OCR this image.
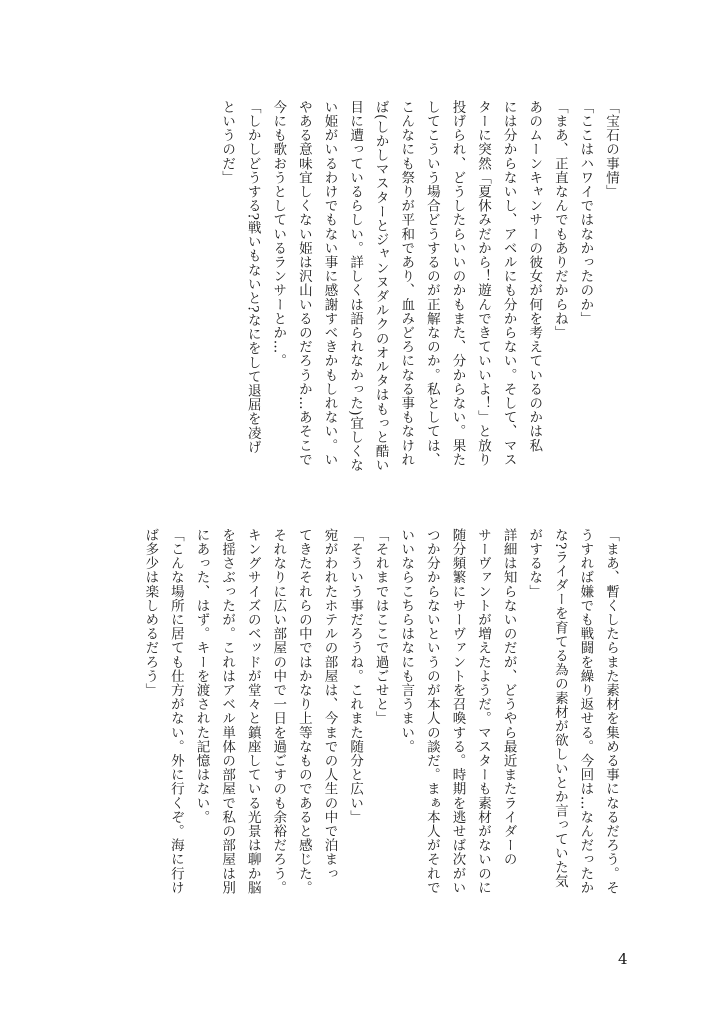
「宝石の事情」
「ここはハワイではなかったのか」
「まあ、正直なんでもありだからね」
あのムーンキャンサーの彼女が何を考えているのかは私
には分からないし、アベルにも分からない。そして、マス
ターに突然「夏休みだから！遊んできていいよ！」と放り
投げられ、どうしたらいいのかもまた、分からない。果た
してこういう場合どうするのが正解なのか。私としては、
こんなにも祭りが平和であり、血みどろになる事もなけれ
ば(しかしマスターとジャンヌダルクのオルタはもっと酷い
目に遭っているらしい。詳しくは語られなかった)宜しくな
い姫がいるわけでもない事に感謝すべきかもしれない。い
やある意味宜しくない姫は沢山いるのだろうか…あそこで
今にも歌おうとしているランサーとか…。
「しかしどうする?戦いもないと?なにをして退屈を凌げ
というのだ」
「まあ、暫くしたらまた素材を集める事になるだろう。そ
うすれば嫌でも戦闘を繰り返せる。今回は…なんだったか
な?ライダーを育てる為の素材が欲しいとか言っていた気
がするな」
詳細は知らないのだが、どうやら最近またライダーの
サーヴァントが増えたようだ。マスターも素材がないのに
随分頻繁にサーヴァントを召喚する。時期を逃せば次がい
つか分からないというのが本人の談だ。まぁ本人がそれで
いいならこちらはなにも言うまい。
「それまではここで過ごせと」
「そういう事だろうね。これまた随分と広い」
宛がわれたホテルの部屋は、今までの人生の中で泊まっ
てきたそれらの中ではかなり上等なものであると感じた。
それなりに広い部屋の中で一日を過ごすのも余裕だろう。
キングサイズのベッドが堂々と鎮座している光景は聊か脳
を揺さぶったが。これはアベル単体の部屋で私の部屋は別
にあった、はず。キーを渡された記憶はない。
「こんな場所に居ても仕方がない。外に行くぞ。海に行け
ば多少は楽しめるだろう」
4
